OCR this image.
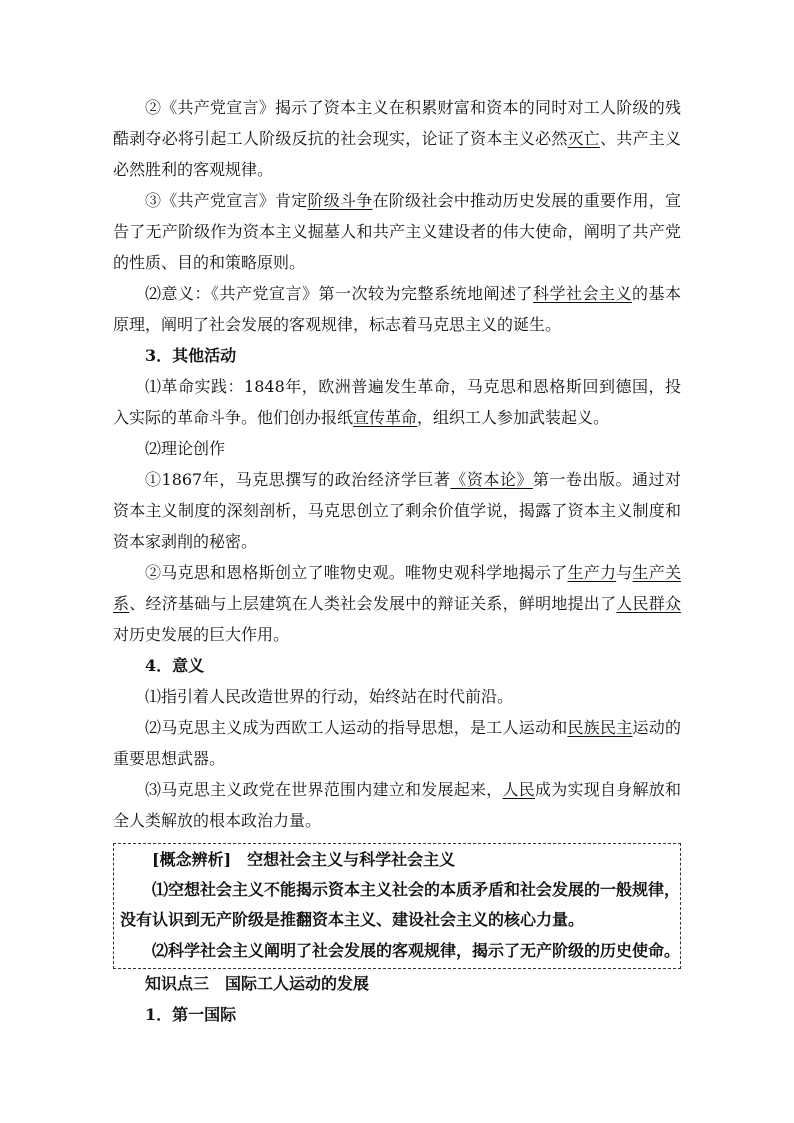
②《共产党宣言》揭示了资本主义在积累财富和资本的同时对工人阶级的残酷剥夺必将引起工人阶级反抗的社会现实，论证了资本主义必然灭亡、共产主义必然胜利的客观规律。

③《共产党宣言》肯定阶级斗争在阶级社会中推动历史发展的重要作用，宣告了无产阶级作为资本主义掘墓人和共产主义建设者的伟大使命，阐明了共产党的性质、目的和策略原则。

⑵意义：《共产党宣言》第一次较为完整系统地阐述了科学社会主义的基本原理，阐明了社会发展的客观规律，标志着马克思主义的诞生。

3．其他活动

⑴革命实践：1848年，欧洲普遍发生革命，马克思和恩格斯回到德国，投入实际的革命斗争。他们创办报纸宣传革命，组织工人参加武装起义。

⑵理论创作

①1867年，马克思撰写的政治经济学巨著《资本论》第一卷出版。通过对资本主义制度的深刻剖析，马克思创立了剩余价值学说，揭露了资本主义制度和资本家剥削的秘密。

②马克思和恩格斯创立了唯物史观。唯物史观科学地揭示了生产力与生产关系、经济基础与上层建筑在人类社会发展中的辩证关系，鲜明地提出了人民群众对历史发展的巨大作用。

4．意义

⑴指引着人民改造世界的行动，始终站在时代前沿。

⑵马克思主义成为西欧工人运动的指导思想，是工人运动和民族民主运动的重要思想武器。

⑶马克思主义政党在世界范围内建立和发展起来，人民成为实现自身解放和全人类解放的根本政治力量。

[概念辨析]　空想社会主义与科学社会主义

⑴空想社会主义不能揭示资本主义社会的本质矛盾和社会发展的一般规律，没有认识到无产阶级是推翻资本主义、建设社会主义的核心力量。

⑵科学社会主义阐明了社会发展的客观规律，揭示了无产阶级的历史使命。

知识点三　国际工人运动的发展

1．第一国际
